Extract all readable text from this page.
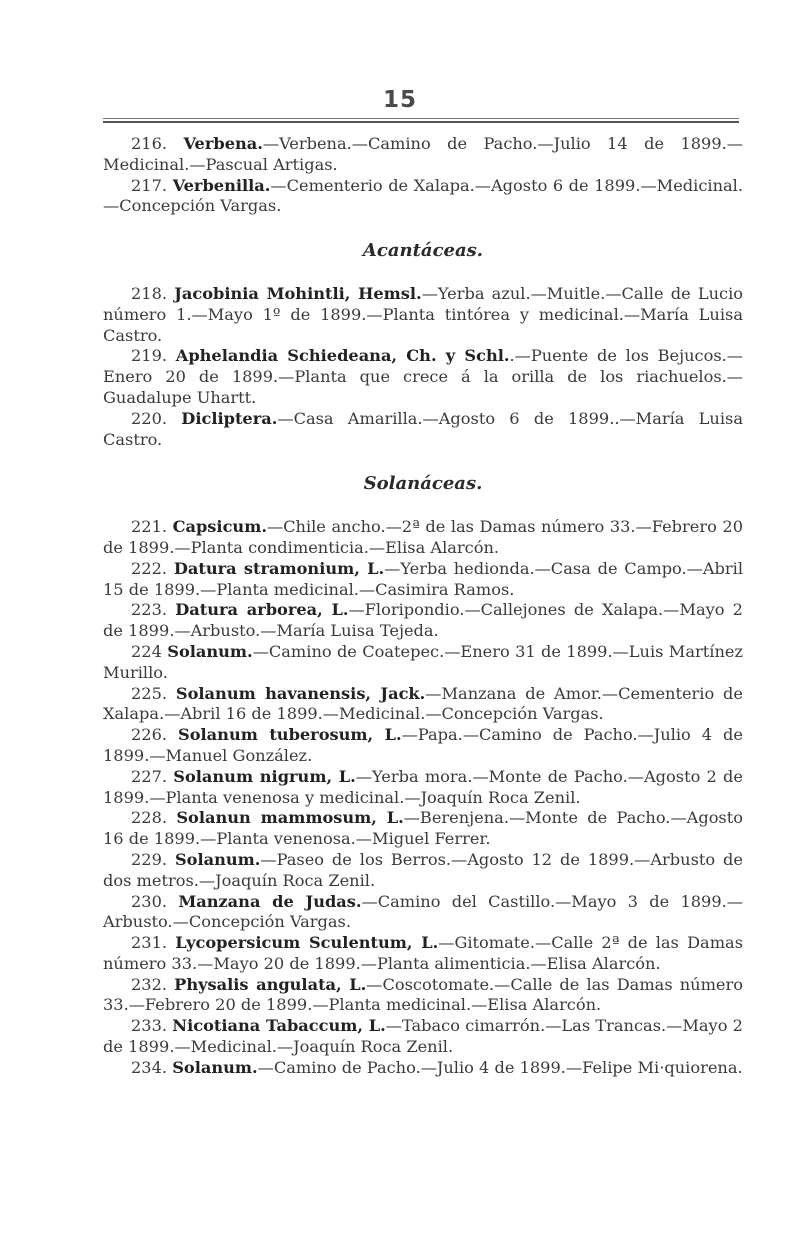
15

216. Verbena.—Verbena.—Camino de Pacho.—Julio 14 de 1899.—Medicinal.—Pascual Artigas.

217. Verbenilla.—Cementerio de Xalapa.—Agosto 6 de 1899.—Medicinal.—Concepción Vargas.

Acantáceas.

218. Jacobinia Mohintli, Hemsl.—Yerba azul.—Muitle.—Calle de Lucio número 1.—Mayo 1º de 1899.—Planta tintórea y medicinal.—María Luisa Castro.

219. Aphelandia Schiedeana, Ch. y Schl..—Puente de los Bejucos.—Enero 20 de 1899.—Planta que crece á la orilla de los riachuelos.—Guadalupe Uhartt.

220. Dicliptera.—Casa Amarilla.—Agosto 6 de 1899..—María Luisa Castro.

Solanáceas.

221. Capsicum.—Chile ancho.—2ª de las Damas número 33.—Febrero 20 de 1899.—Planta condimenticia.—Elisa Alarcón.

222. Datura stramonium, L.—Yerba hedionda.—Casa de Campo.—Abril 15 de 1899.—Planta medicinal.—Casimira Ramos.

223. Datura arborea, L.—Floripondio.—Callejones de Xalapa.—Mayo 2 de 1899.—Arbusto.—María Luisa Tejeda.

224 Solanum.—Camino de Coatepec.—Enero 31 de 1899.—Luis Martínez Murillo.

225. Solanum havanensis, Jack.—Manzana de Amor.—Cementerio de Xalapa.—Abril 16 de 1899.—Medicinal.—Concepción Vargas.

226. Solanum tuberosum, L.—Papa.—Camino de Pacho.—Julio 4 de 1899.—Manuel González.

227. Solanum nigrum, L.—Yerba mora.—Monte de Pacho.—Agosto 2 de 1899.—Planta venenosa y medicinal.—Joaquín Roca Zenil.

228. Solanun mammosum, L.—Berenjena.—Monte de Pacho.—Agosto 16 de 1899.—Planta venenosa.—Miguel Ferrer.

229. Solanum.—Paseo de los Berros.—Agosto 12 de 1899.—Arbusto de dos metros.—Joaquín Roca Zenil.

230. Manzana de Judas.—Camino del Castillo.—Mayo 3 de 1899.—Arbusto.—Concepción Vargas.

231. Lycopersicum Sculentum, L.—Gitomate.—Calle 2ª de las Damas número 33.—Mayo 20 de 1899.—Planta alimenticia.—Elisa Alarcón.

232. Physalis angulata, L.—Coscotomate.—Calle de las Damas número 33.—Febrero 20 de 1899.—Planta medicinal.—Elisa Alarcón.

233. Nicotiana Tabaccum, L.—Tabaco cimarrón.—Las Trancas.—Mayo 2 de 1899.—Medicinal.—Joaquín Roca Zenil.

234. Solanum.—Camino de Pacho.—Julio 4 de 1899.—Felipe Mi·quiorena.
